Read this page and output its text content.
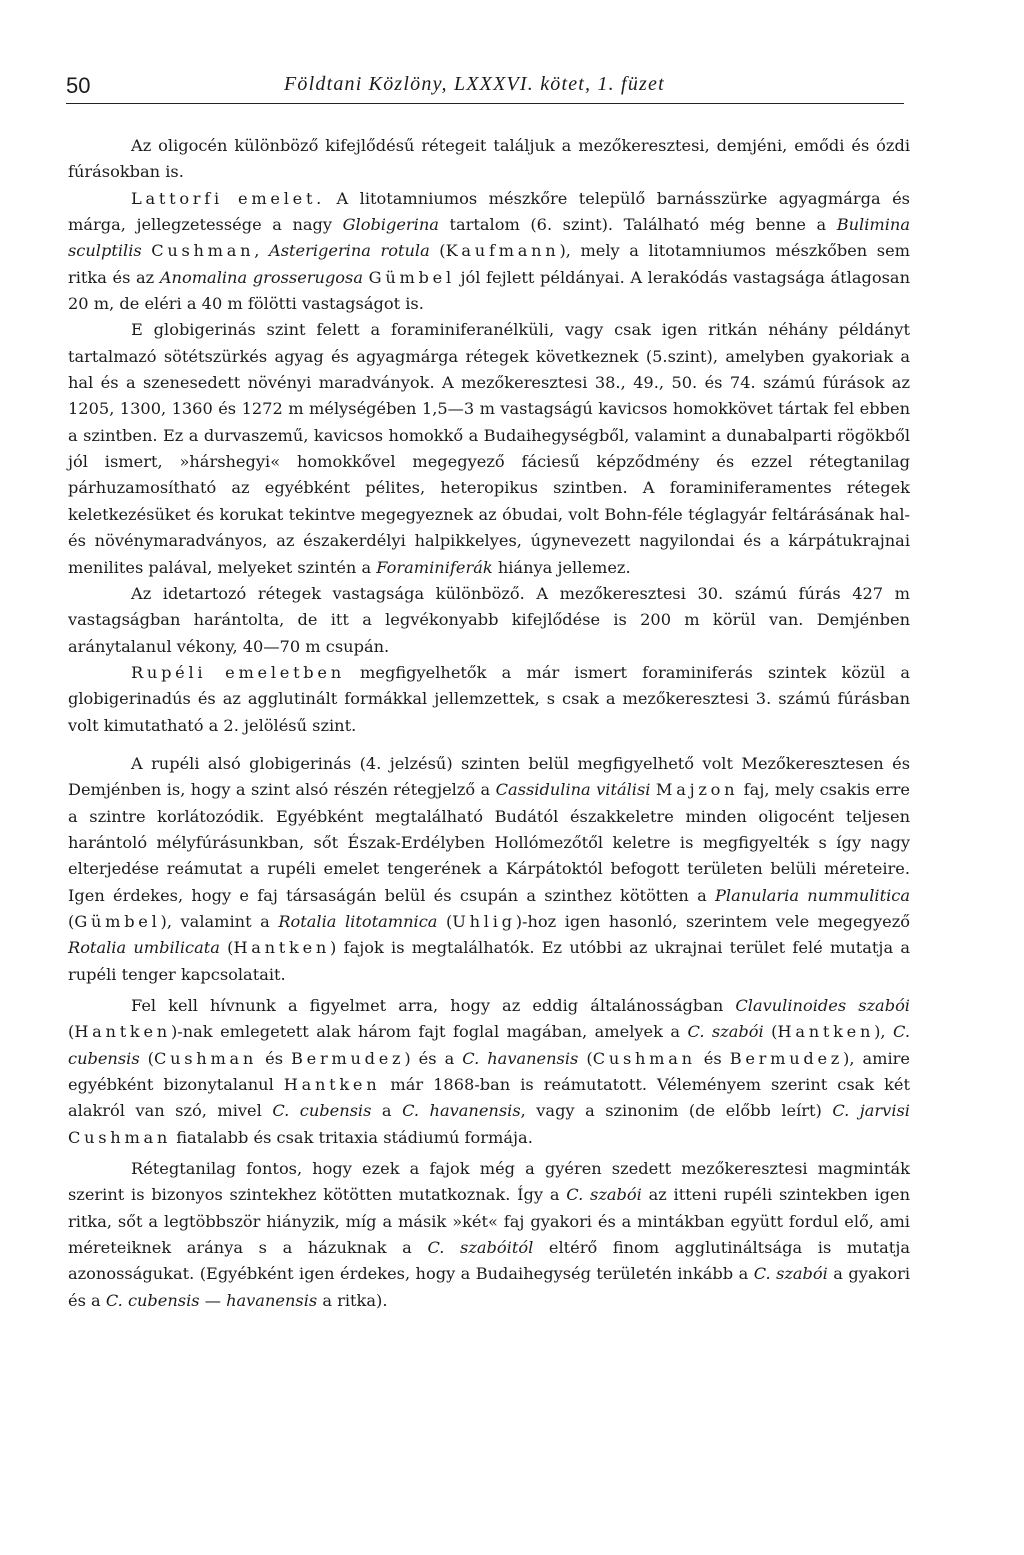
50	Földtani Közlöny, LXXXVI. kötet, 1. füzet

Az oligocén különböző kifejlődésű rétegeit találjuk a mezőkeresztesi, demjéni, emődi és ózdi fúrásokban is.

Lattorfi emelet. A litotamniumos mészkőre települő barnásszürke agyagmárga és márga, jellegzetessége a nagy Globigerina tartalom (6. szint). Található még benne a Bulimina sculptilis Cushman, Asterigerina rotula (Kaufmann), mely a litotamniumos mészkőben sem ritka és az Anomalina grosserugosa Gümbel jól fejlett példányai. A lerakódás vastagsága átlagosan 20 m, de eléri a 40 m fölötti vastagságot is.

E globigerinás szint felett a foraminiferanélküli, vagy csak igen ritkán néhány példányt tartalmazó sötétszürkés agyag és agyagmárga rétegek következnek (5.szint), amelyben gyakoriak a hal és a szenesedett növényi maradványok. A mezőkeresztesi 38., 49., 50. és 74. számú fúrások az 1205, 1300, 1360 és 1272 m mélységében 1,5—3 m vastagságú kavicsos homokkövet tártak fel ebben a szintben. Ez a durvaszemű, kavicsos homokkő a Budaihegységből, valamint a dunabalparti rögökből jól ismert, »hárshegyi« homokkővel megegyező fáciesű képződmény és ezzel rétegtanilag párhuzamosítható az egyébként pélites, heteropikus szintben. A foraminiferamentes rétegek keletkezésüket és korukat tekintve megegyeznek az óbudai, volt Bohn-féle téglagyár feltárásának hal- és növénymaradványos, az északerdélyi halpikkelyes, úgynevezett nagyilondai és a kárpátukrajnai menilites palával, melyeket szintén a Foraminiferák hiánya jellemez.

Az idetartozó rétegek vastagsága különböző. A mezőkeresztesi 30. számú fúrás 427 m vastagságban harántolta, de itt a legvékonyabb kifejlődése is 200 m körül van. Demjénben aránytalanul vékony, 40—70 m csupán.

Rupéli emeletben megfigyelhetők a már ismert foraminiferás szintek közül a globigerinadús és az agglutinált formákkal jellemzettek, s csak a mezőkeresztesi 3. számú fúrásban volt kimutatható a 2. jelölésű szint.

A rupéli alsó globigerinás (4. jelzésű) szinten belül megfigyelhető volt Mezőkeresztesen és Demjénben is, hogy a szint alsó részén rétegjelző a Cassidulina vitálisi Majzon faj, mely csakis erre a szintre korlátozódik. Egyébként megtalálható Budától északkeletre minden oligocént teljesen harántoló mélyfúrásunkban, sőt Észak-Erdélyben Hollómezőtől keletre is megfigyelték s így nagy elterjedése reámutat a rupéli emelet tengerének a Kárpátoktól befogott területen belüli méreteire. Igen érdekes, hogy e faj társaságán belül és csupán a szinthez kötötten a Planularia nummulitica (Gümbel), valamint a Rotalia litotamnica (Uhlig)-hoz igen hasonló, szerintem vele megegyező Rotalia umbilicata (Hantken) fajok is megtalálhatók. Ez utóbbi az ukrajnai terület felé mutatja a rupéli tenger kapcsolatait.

Fel kell hívnunk a figyelmet arra, hogy az eddig általánosságban Clavulinoides szabói (Hantken)-nak emlegetett alak három fajt foglal magában, amelyek a C. szabói (Hantken), C. cubensis (Cushman és Bermudez) és a C. havanensis (Cushman és Bermudez), amire egyébként bizonytalanul Hantken már 1868-ban is reámutatott. Véleményem szerint csak két alakról van szó, mivel C. cubensis a C. havanensis, vagy a szinonim (de előbb leírt) C. jarvisi Cushman fiatalabb és csak tritaxia stádiumú formája.

Rétegtanilag fontos, hogy ezek a fajok még a gyéren szedett mezőkeresztesi magminták szerint is bizonyos szintekhez kötötten mutatkoznak. Így a C. szabói az itteni rupéli szintekben igen ritka, sőt a legtöbbször hiányzik, míg a másik »két« faj gyakori és a mintákban együtt fordul elő, ami méreteiknek aránya s a házuknak a C. szabóitól eltérő finom agglutináltsága is mutatja azonosságukat. (Egyébként igen érdekes, hogy a Budaihegység területén inkább a C. szabói a gyakori és a C. cubensis — havanensis a ritka).
